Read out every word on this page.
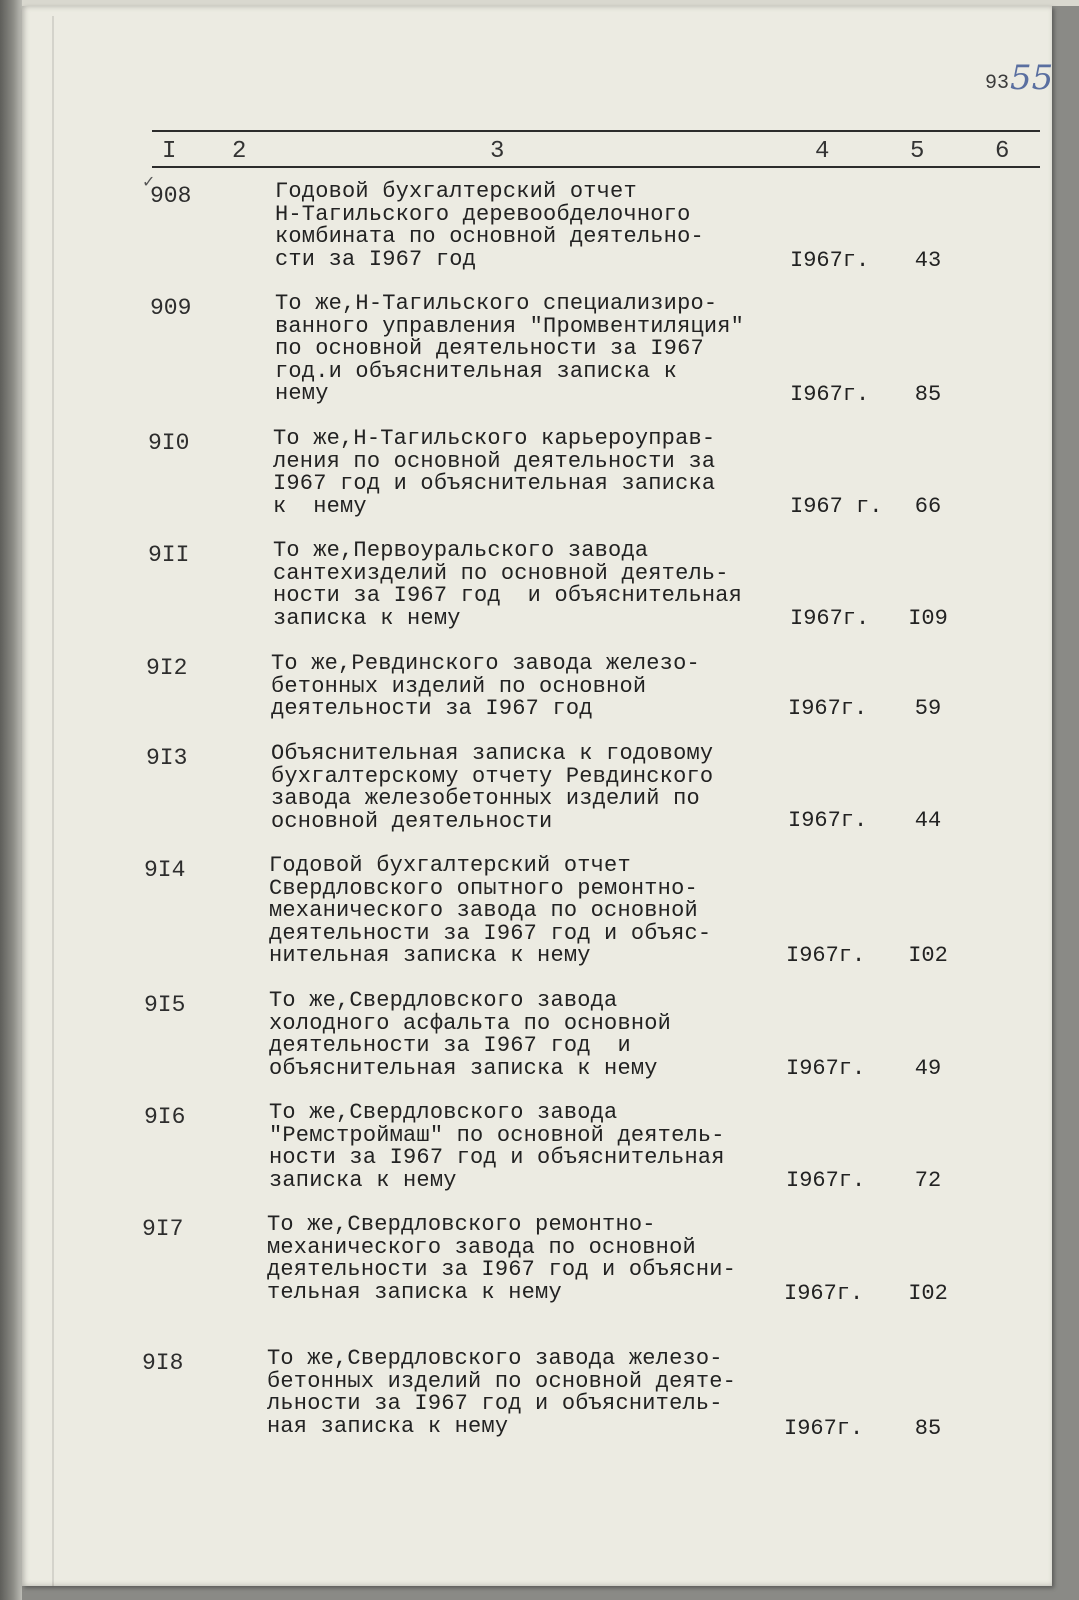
93 55
I 2	3	4	5	6
✓
908	Годовой бухгалтерский отчет
Н-Тагильского деревообделочного
комбината по основной деятельно-
сти за I967 год	I967г.	43
909	То же,Н-Тагильского специализиро-
ванного управления "Промвентиляция"
по основной деятельности за I967
год.и объяснительная записка к
нему	I967г.	85
9I0	То же,Н-Тагильского карьероуправ-
ления по основной деятельности за
I967 год и объяснительная записка
к  нему	I967 г.	66
9II	То же,Первоуральского завода
сантехизделий по основной деятель-
ности за I967 год  и объяснительная
записка к нему	I967г. I09
9I2	То же,Ревдинского завода железо-
бетонных изделий по основной
деятельности за I967 год	I967г.	59
9I3	Объяснительная записка к годовому
бухгалтерскому отчету Ревдинского
завода железобетонных изделий по
основной деятельности	I967г.	44
9I4	Годовой бухгалтерский отчет
Свердловского опытного ремонтно-
механического завода по основной
деятельности за I967 год и объяс-
нительная записка к нему	I967г. I02
9I5	То же,Свердловского завода
холодного асфальта по основной
деятельности за I967 год  и
объяснительная записка к нему	I967г.	49
9I6	То же,Свердловского завода
"Ремстроймаш" по основной деятель-
ности за I967 год и объяснительная
записка к нему	I967г.	72
9I7	То же,Свердловского ремонтно-
механического завода по основной
деятельности за I967 год и объясни-
тельная записка к нему	I967г. I02
9I8	То же,Свердловского завода железо-
бетонных изделий по основной деяте-
льности за I967 год и объяснитель-
ная записка к нему	I967г.	85
